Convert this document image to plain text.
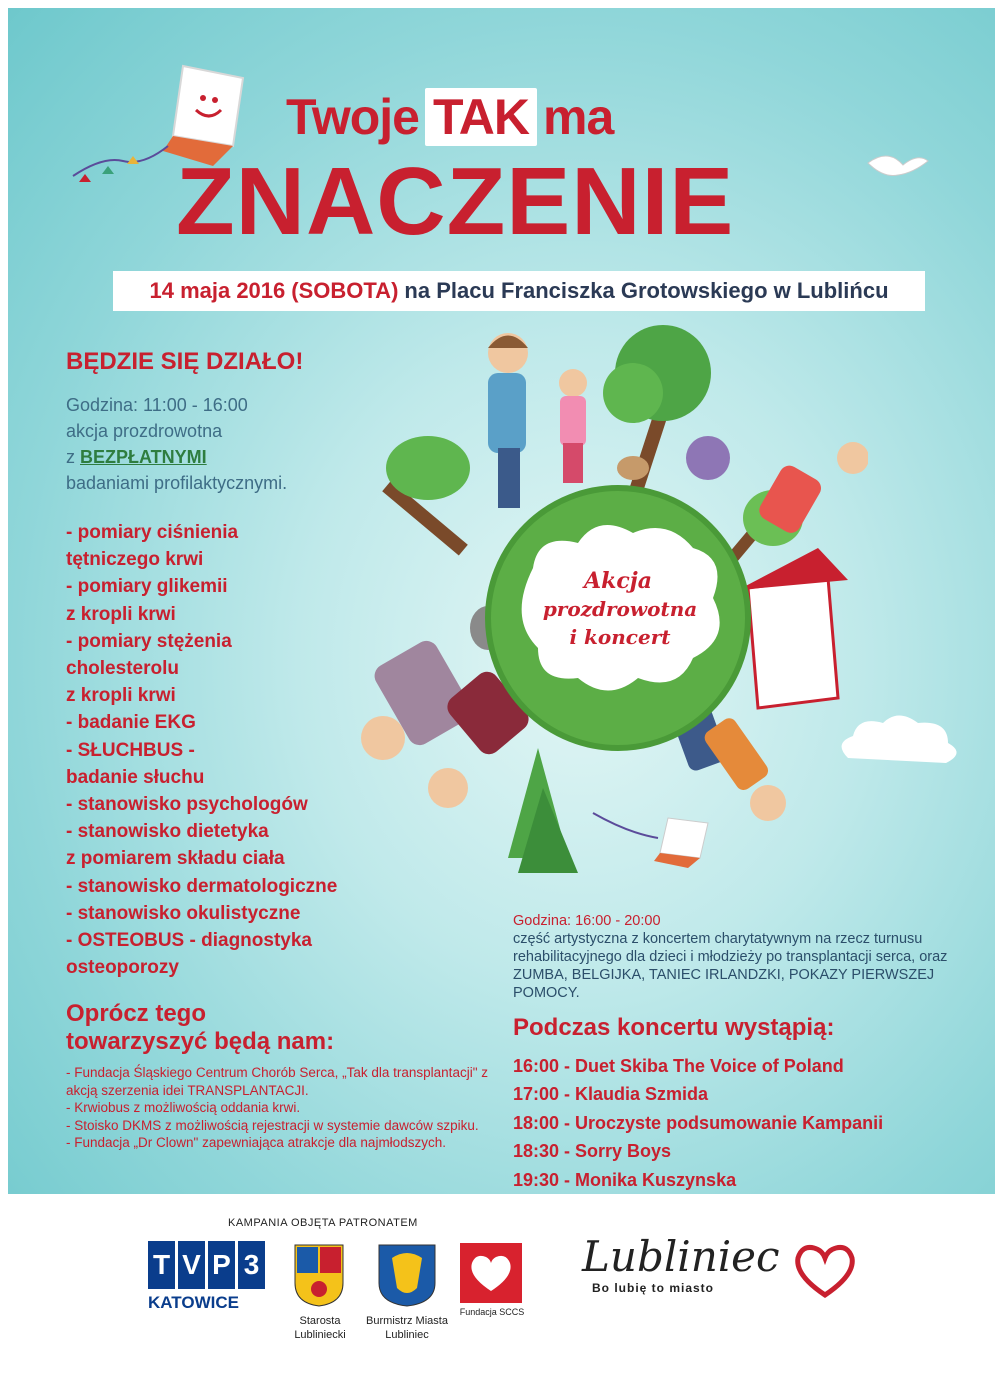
Twoje TAK ma
ZNACZENIE
14 maja 2016 (SOBOTA) na Placu Franciszka Grotowskiego w Lublińcu
BĘDZIE SIĘ DZIAŁO!
Godzina: 11:00 - 16:00
akcja prozdrowotna
z BEZPŁATNYMI
badaniami profilaktycznymi.
- pomiary ciśnienia
tętniczego krwi
- pomiary glikemii
z kropli krwi
- pomiary stężenia
cholesterolu
z kropli krwi
- badanie EKG
- SŁUCHBUS -
badanie słuchu
- stanowisko psychologów
- stanowisko dietetyka
z pomiarem składu ciała
- stanowisko dermatologiczne
- stanowisko okulistyczne
- OSTEOBUS - diagnostyka
osteoporozy
Oprócz tego
towarzyszyć będą nam:
- Fundacja Śląskiego Centrum Chorób Serca, „Tak dla transplantacji" z akcją szerzenia idei TRANSPLANTACJI.
- Krwiobus z możliwością oddania krwi.
- Stoisko DKMS z możliwością rejestracji w systemie dawców szpiku.
- Fundacja „Dr Clown" zapewniająca atrakcje dla najmłodszych.
Akcja
prozdrowotna
i koncert
Godzina: 16:00 - 20:00
część artystyczna z koncertem charytatywnym na rzecz turnusu rehabilitacyjnego dla dzieci i młodzieży po transplantacji serca, oraz ZUMBA, BELGIJKA, TANIEC IRLANDZKI, POKAZY PIERWSZEJ POMOCY.
Podczas koncertu wystąpią:
16:00 - Duet Skiba The Voice of Poland
17:00 - Klaudia Szmida
18:00 - Uroczyste podsumowanie Kampanii
18:30 - Sorry Boys
19:30 - Monika Kuszynska
KAMPANIA OBJĘTA PATRONATEM
T V P 3
KATOWICE
Starosta
Lubliniecki
Burmistrz Miasta
Lubliniec
Fundacja SCCS
Lubliniec
Bo lubię to miasto
